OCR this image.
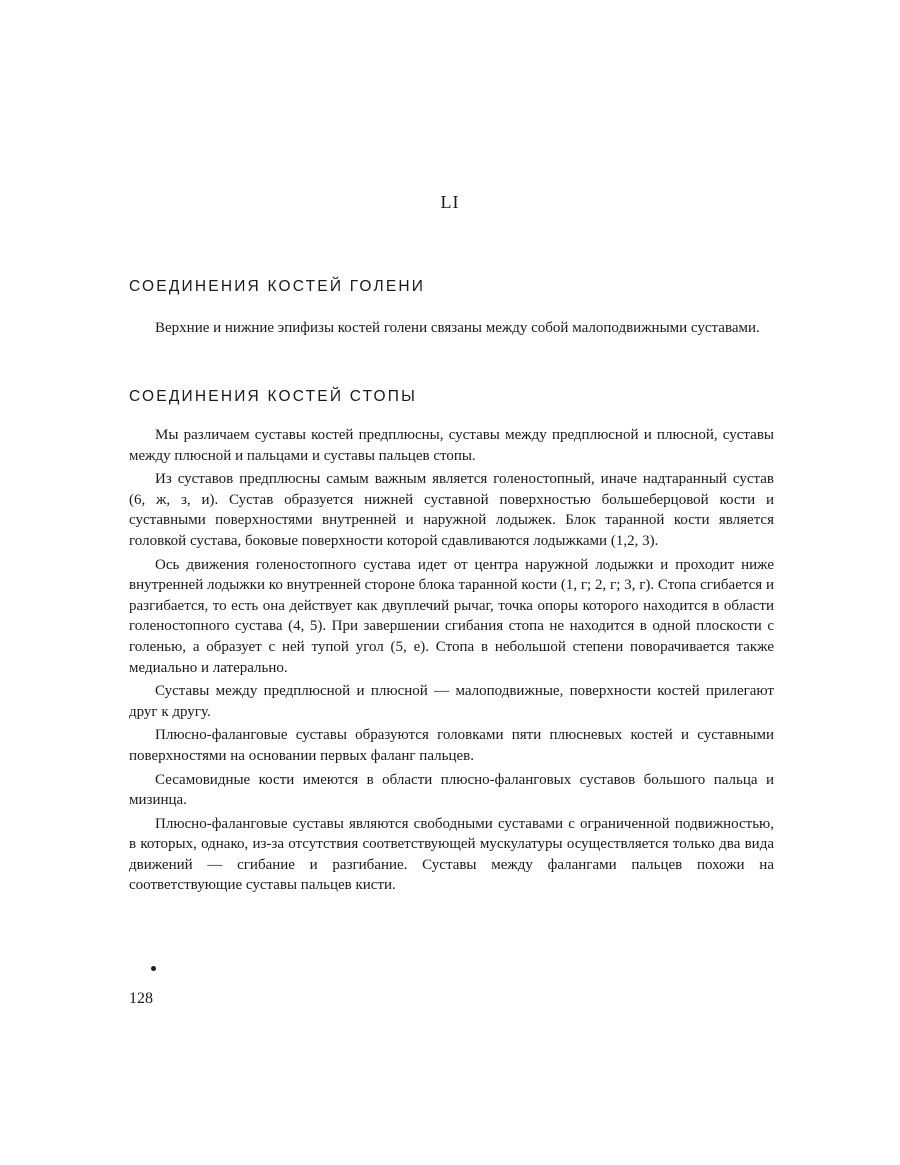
LI
СОЕДИНЕНИЯ КОСТЕЙ ГОЛЕНИ

Верхние и нижние эпифизы костей голени связаны между собой малоподвижными суставами.

СОЕДИНЕНИЯ КОСТЕЙ СТОПЫ

Мы различаем суставы костей предплюсны, суставы между предплюсной и плюсной, суставы между плюсной и пальцами и суставы пальцев стопы.

Из суставов предплюсны самым важным является голеностопный, иначе надтаранный сустав (6, ж, з, и). Сустав образуется нижней суставной поверхностью большеберцовой кости и суставными поверхностями внутренней и наружной лодыжек. Блок таранной кости является головкой сустава, боковые поверхности которой сдавливаются лодыжками (1,2, 3).

Ось движения голеностопного сустава идет от центра наружной лодыжки и проходит ниже внутренней лодыжки ко внутренней стороне блока таранной кости (1, г; 2, г; 3, г). Стопа сгибается и разгибается, то есть она действует как двуплечий рычаг, точка опоры которого находится в области голеностопного сустава (4, 5). При завершении сгибания стопа не находится в одной плоскости с голенью, а образует с ней тупой угол (5, е). Стопа в небольшой степени поворачивается также медиально и латерально.

Суставы между предплюсной и плюсной — малоподвижные, поверхности костей прилегают друг к другу.

Плюсно-фаланговые суставы образуются головками пяти плюсневых костей и суставными поверхностями на основании первых фаланг пальцев.

Сесамовидные кости имеются в области плюсно-фаланговых суставов большого пальца и мизинца.

Плюсно-фаланговые суставы являются свободными суставами с ограниченной подвижностью, в которых, однако, из-за отсутствия соответствующей мускулатуры осуществляется только два вида движений — сгибание и разгибание. Суставы между фалангами пальцев похожи на соответствующие суставы пальцев кисти.

128
